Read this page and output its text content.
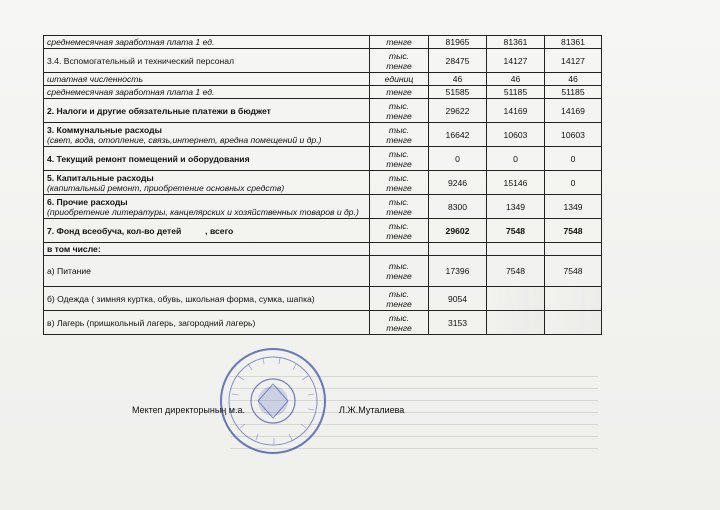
среднемесячная заработная плата 1 ед.	тенге	81965	81361	81361
3.4. Вспомогательный и технический персонал	тыс.
тенге	28475	14127	14127
штатная численность	единиц	46	46	46
среднемесячная заработная плата 1 ед.	тенге	51585	51185	51185
2. Налоги и другие обязательные платежи в бюджет	тыс.
тенге	29622	14169	14169
3. Коммунальные расходы
(свет, вода, отопление, связь,интернет, вредна помещений и др.)	тыс.
тенге	16642	10603	10603
4. Текущий ремонт помещений и оборудования	тыс.
тенге	0	0	0
5. Капитальные расходы
(капитальный ремонт, приобретение основных средств)	тыс.
тенге	9246	15146	0
6. Прочие расходы
(приобретение литературы, канцелярских и хозяйственных товаров и др.)	тыс.
тенге	8300	1349	1349
7. Фонд всеобуча, кол-во детей          , всего	тыс.
тенге	29602	7548	7548
в том числе:				
а) Питание	тыс.
тенге	17396	7548	7548
б) Одежда ( зимняя куртка, обувь, школьная форма, сумка, шапка)	тыс.
тенге	9054		
в) Лагерь (пришкольный лагерь, загородний лагерь)	тыс.
тенге	3153		
Мектеп директорының м.а.	Л.Ж.Муталиева
